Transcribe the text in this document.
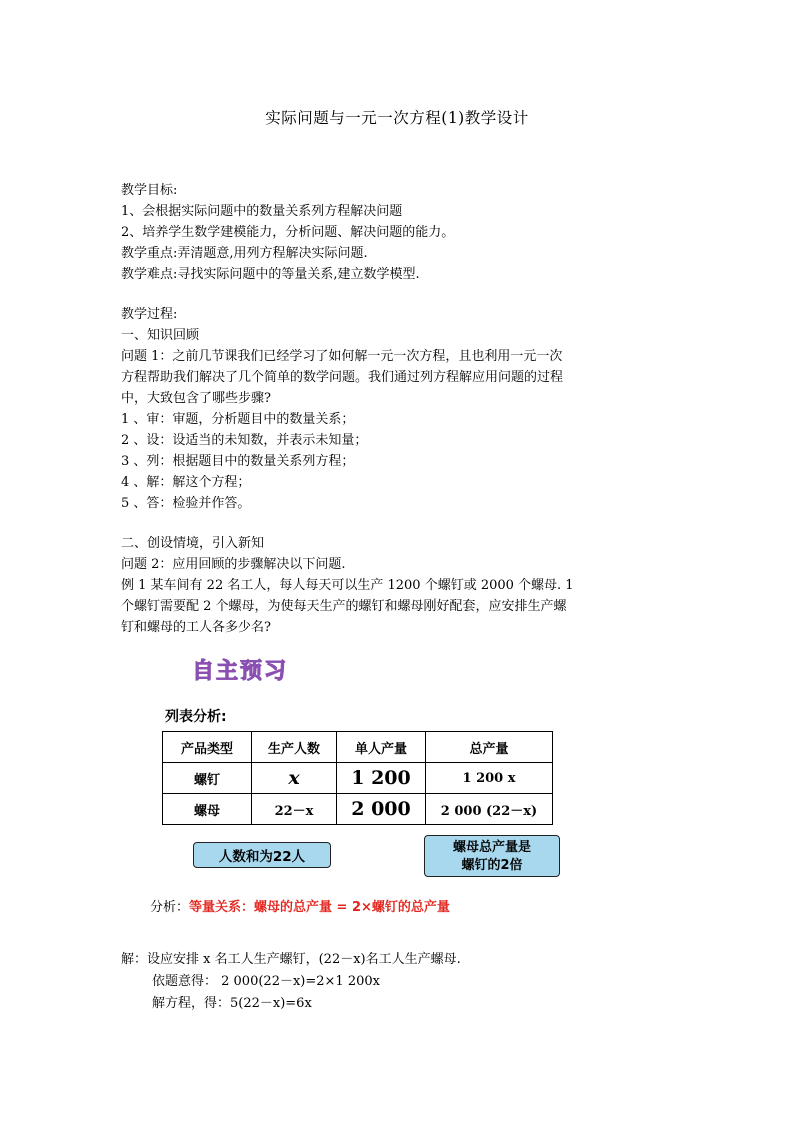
实际问题与一元一次方程(1)教学设计
教学目标:
1、会根据实际问题中的数量关系列方程解决问题
2、培养学生数学建模能力，分析问题、解决问题的能力。
教学重点:弄清题意,用列方程解决实际问题.
教学难点:寻找实际问题中的等量关系,建立数学模型.
教学过程:
一、知识回顾
问题 1：之前几节课我们已经学习了如何解一元一次方程，且也利用一元一次
方程帮助我们解决了几个简单的数学问题。我们通过列方程解应用问题的过程
中，大致包含了哪些步骤?
1 、审：审题，分析题目中的数量关系；
2 、设：设适当的未知数，并表示未知量；
3 、列：根据题目中的数量关系列方程；
4 、解：解这个方程；
5 、答：检验并作答。
二、创设情境，引入新知
问题 2：应用回顾的步骤解决以下问题.
例 1 某车间有 22 名工人，每人每天可以生产 1200 个螺钉或 2000 个螺母. 1
个螺钉需要配 2 个螺母，为使每天生产的螺钉和螺母刚好配套，应安排生产螺
钉和螺母的工人各多少名?
自主预习
列表分析:
产品类型	生产人数	单人产量	总产量
螺钉	x	1 200	1 200 x
螺母	22－x	2 000	2 000 (22－x)
人数和为22人
螺母总产量是
螺钉的2倍
分析：等量关系：螺母的总产量 = 2×螺钉的总产量
解：设应安排 x 名工人生产螺钉，(22－x)名工人生产螺母.
依题意得： 2 000(22－x)=2×1 200x
解方程，得：5(22－x)=6x
